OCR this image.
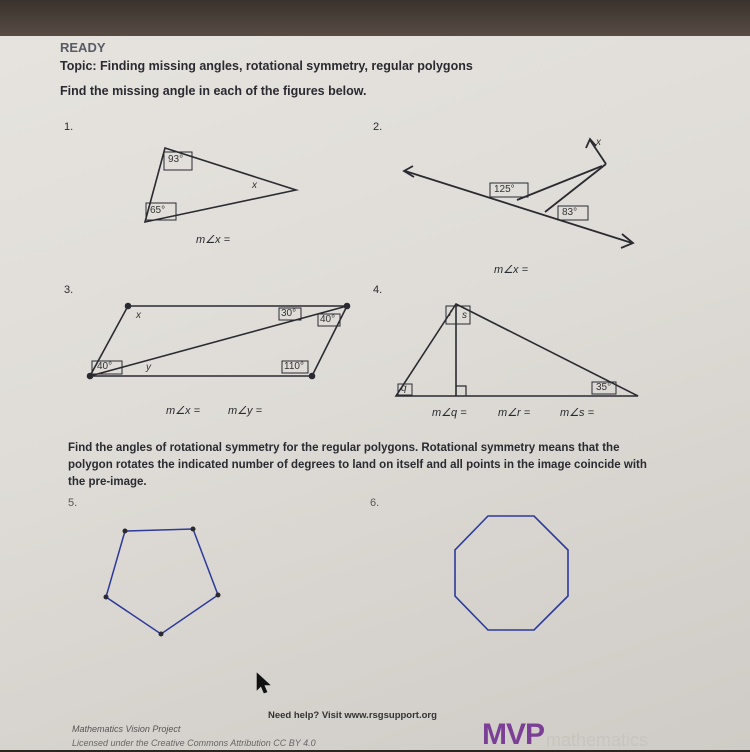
READY
Topic: Finding missing angles, rotational symmetry, regular polygons
Find the missing angle in each of the figures below.
1.	2.
3.	4.
93°
65°
x
m∠x =
125°
83°
x
m∠x =
x	30°
40°
40°	y	110°
m∠x =	m∠y =
r s
q	35°
m∠q =	m∠r =	m∠s =
Find the angles of rotational symmetry for the regular polygons. Rotational symmetry means that the polygon rotates the indicated number of degrees to land on itself and all points in the image coincide with the pre-image.
5.	6.
Need help? Visit www.rsgsupport.org
Mathematics Vision Project
Licensed under the Creative Commons Attribution CC BY 4.0	MVP mathematics
